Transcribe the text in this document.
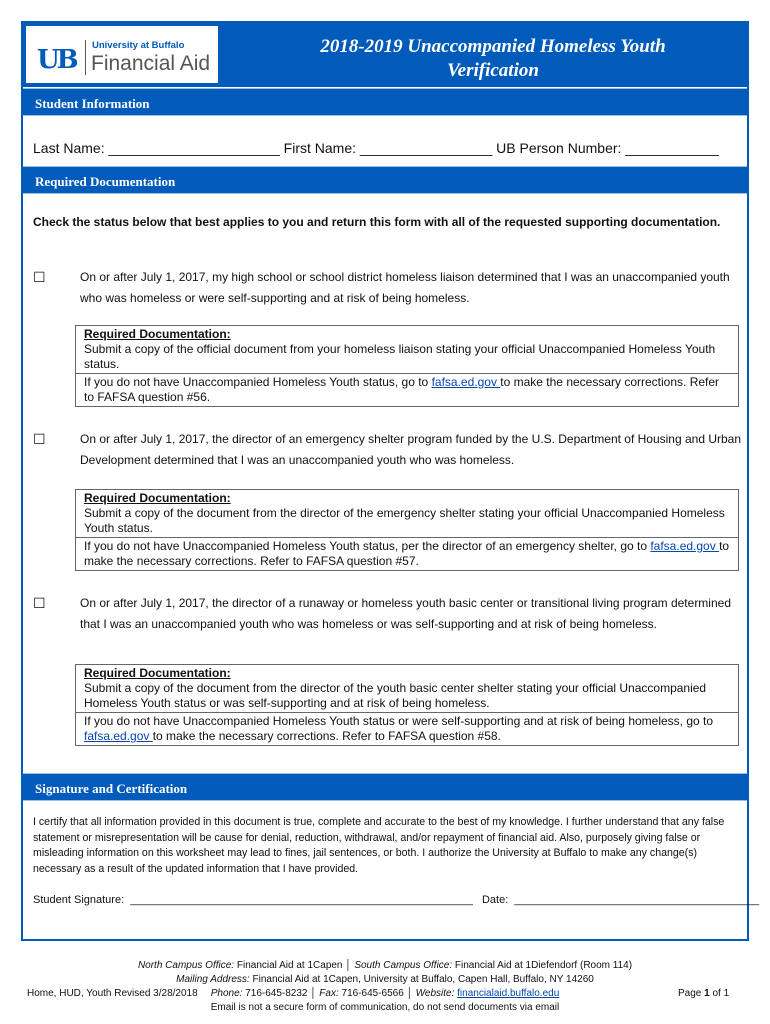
UB University at Buffalo
Financial Aid
2018-2019 Unaccompanied Homeless Youth
Verification
Student Information
Last Name: ______________________ First Name: _________________ UB Person Number: ____________
Required Documentation
Check the status below that best applies to you and return this form with all of the requested supporting documentation.
☐	On or after July 1, 2017, my high school or school district homeless liaison determined that I was an unaccompanied youth who was homeless or were self-supporting and at risk of being homeless.
Required Documentation:
Submit a copy of the official document from your homeless liaison stating your official Unaccompanied Homeless Youth status.
If you do not have Unaccompanied Homeless Youth status, go to fafsa.ed.gov to make the necessary corrections. Refer to FAFSA question #56.
☐	On or after July 1, 2017, the director of an emergency shelter program funded by the U.S. Department of Housing and Urban Development determined that I was an unaccompanied youth who was homeless.
Required Documentation:
Submit a copy of the document from the director of the emergency shelter stating your official Unaccompanied Homeless Youth status.
If you do not have Unaccompanied Homeless Youth status, per the director of an emergency shelter, go to fafsa.ed.gov to make the necessary corrections. Refer to FAFSA question #57.
☐	On or after July 1, 2017, the director of a runaway or homeless youth basic center or transitional living program determined that I was an unaccompanied youth who was homeless or was self-supporting and at risk of being homeless.
Required Documentation:
Submit a copy of the document from the director of the youth basic center shelter stating your official Unaccompanied Homeless Youth status or was self-supporting and at risk of being homeless.
If you do not have Unaccompanied Homeless Youth status or were self-supporting and at risk of being homeless, go to fafsa.ed.gov to make the necessary corrections. Refer to FAFSA question #58.
Signature and Certification
I certify that all information provided in this document is true, complete and accurate to the best of my knowledge. I further understand that any false statement or misrepresentation will be cause for denial, reduction, withdrawal, and/or repayment of financial aid. Also, purposely giving false or misleading information on this worksheet may lead to fines, jail sentences, or both. I authorize the University at Buffalo to make any change(s) necessary as a result of the updated information that I have provided.
Student Signature:  ________________________________________________________   Date:  ________________________________________
North Campus Office: Financial Aid at 1Capen │ South Campus Office: Financial Aid at 1Diefendorf (Room 114)
Mailing Address: Financial Aid at 1Capen, University at Buffalo, Capen Hall, Buffalo, NY 14260
Phone: 716-645-8232 │ Fax: 716-645-6566 │ Website: financialaid.buffalo.edu
Home, HUD, Youth Revised 3/28/2018	Page 1 of 1
Email is not a secure form of communication, do not send documents via email
